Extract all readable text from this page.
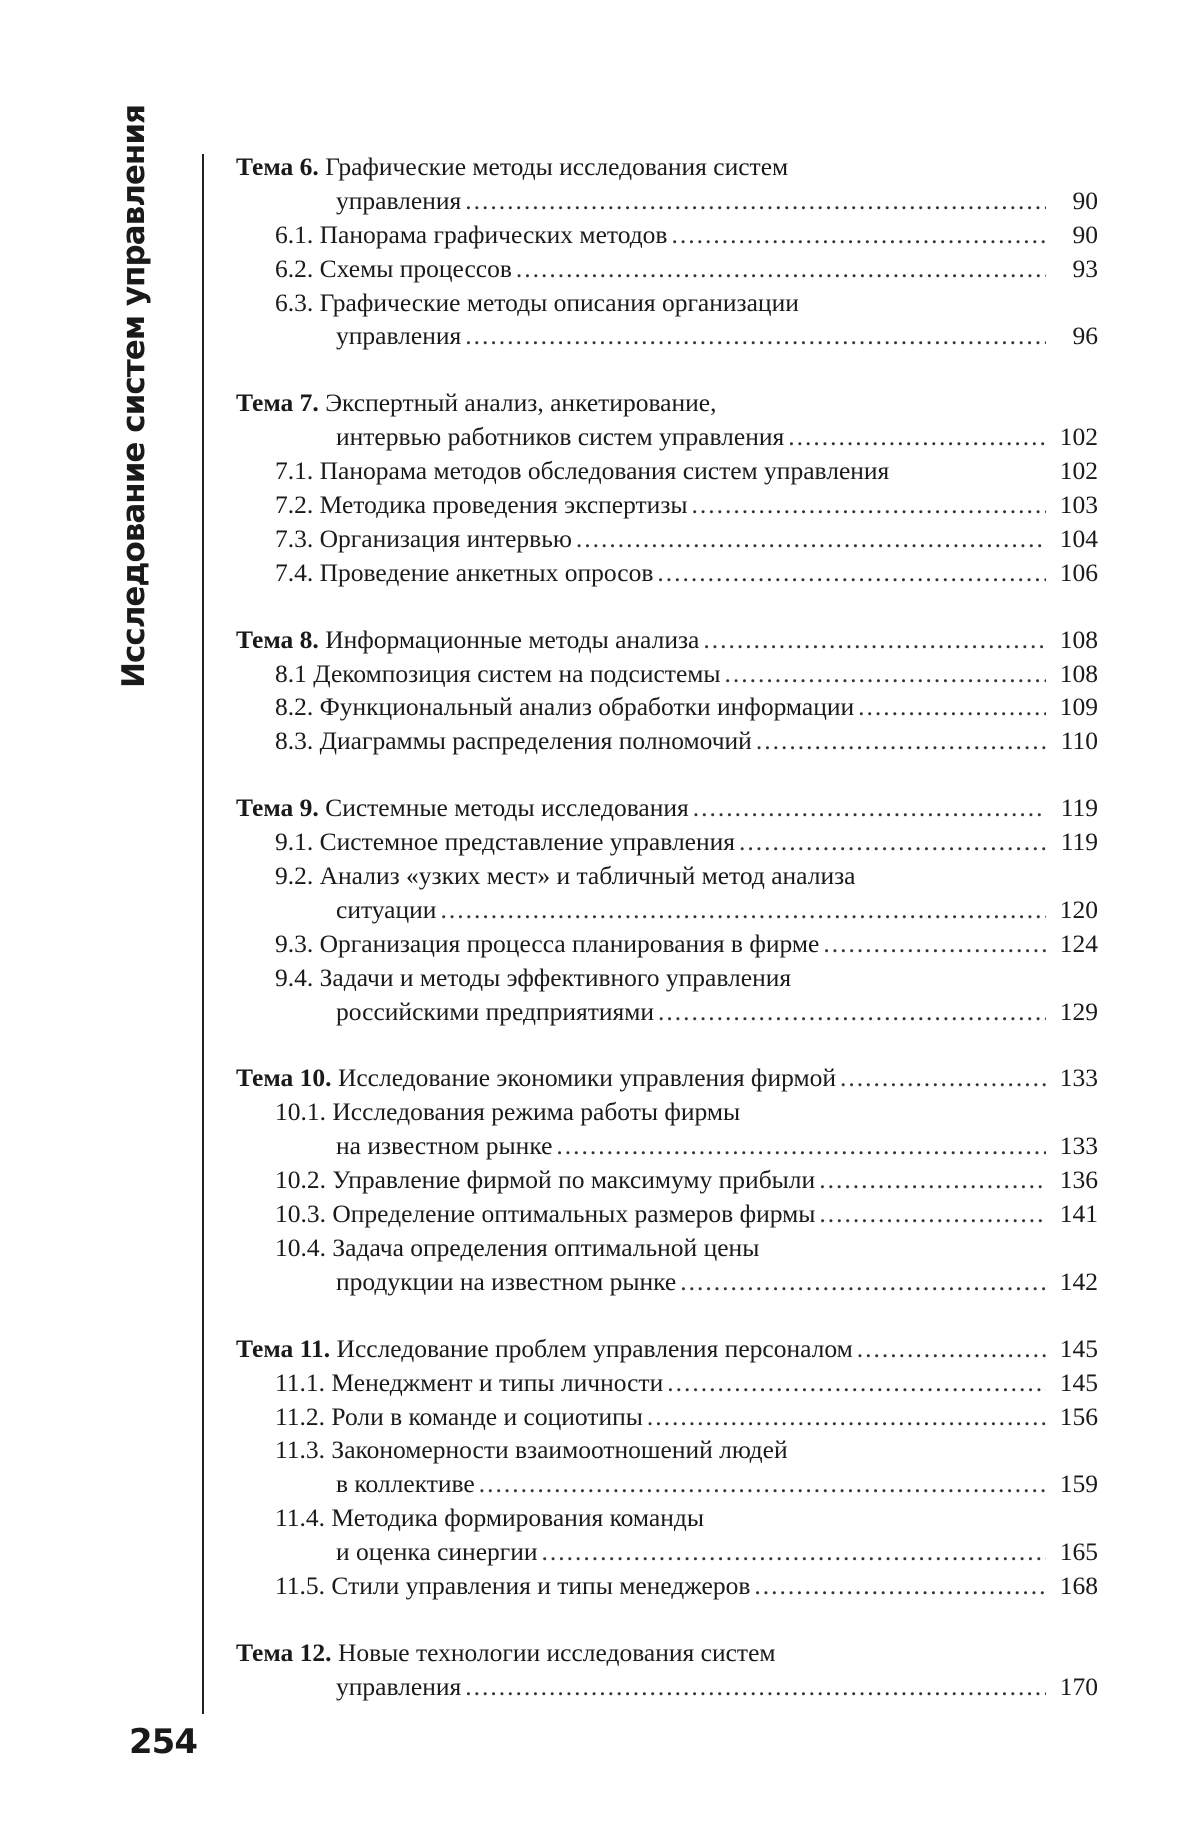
Исследование систем управления	Тема 6. Графические методы исследования систем
управления .....	90
6.1. Панорама графических методов .....	90
6.2. Схемы процессов .....	93
6.3. Графические методы описания организации
управления .....	96
Тема 7. Экспертный анализ, анкетирование,
интервью работников систем управления .....	102
7.1. Панорама методов обследования систем управления	102
7.2. Методика проведения экспертизы .....	103
7.3. Организация интервью .....	104
7.4. Проведение анкетных опросов .....	106
Тема 8. Информационные методы анализа .....	108
8.1 Декомпозиция систем на подсистемы .....	108
8.2. Функциональный анализ обработки информации .....	109
8.3. Диаграммы распределения полномочий .....	110
Тема 9. Системные методы исследования .....	119
9.1. Системное представление управления .....	119
9.2. Анализ «узких мест» и табличный метод анализа
ситуации .....	120
9.3. Организация процесса планирования в фирме .....	124
9.4. Задачи и методы эффективного управления
российскими предприятиями .....	129
Тема 10. Исследование экономики управления фирмой .....	133
10.1. Исследования режима работы фирмы
на известном рынке .....	133
10.2. Управление фирмой по максимуму прибыли .....	136
10.3. Определение оптимальных размеров фирмы .....	141
10.4. Задача определения оптимальной цены
продукции на известном рынке .....	142
Тема 11. Исследование проблем управления персоналом .....	145
11.1. Менеджмент и типы личности .....	145
11.2. Роли в команде и социотипы .....	156
11.3. Закономерности взаимоотношений людей
в коллективе .....	159
11.4. Методика формирования команды
и оценка синергии .....	165
11.5. Стили управления и типы менеджеров .....	168
Тема 12. Новые технологии исследования систем
управления .....	170
254
